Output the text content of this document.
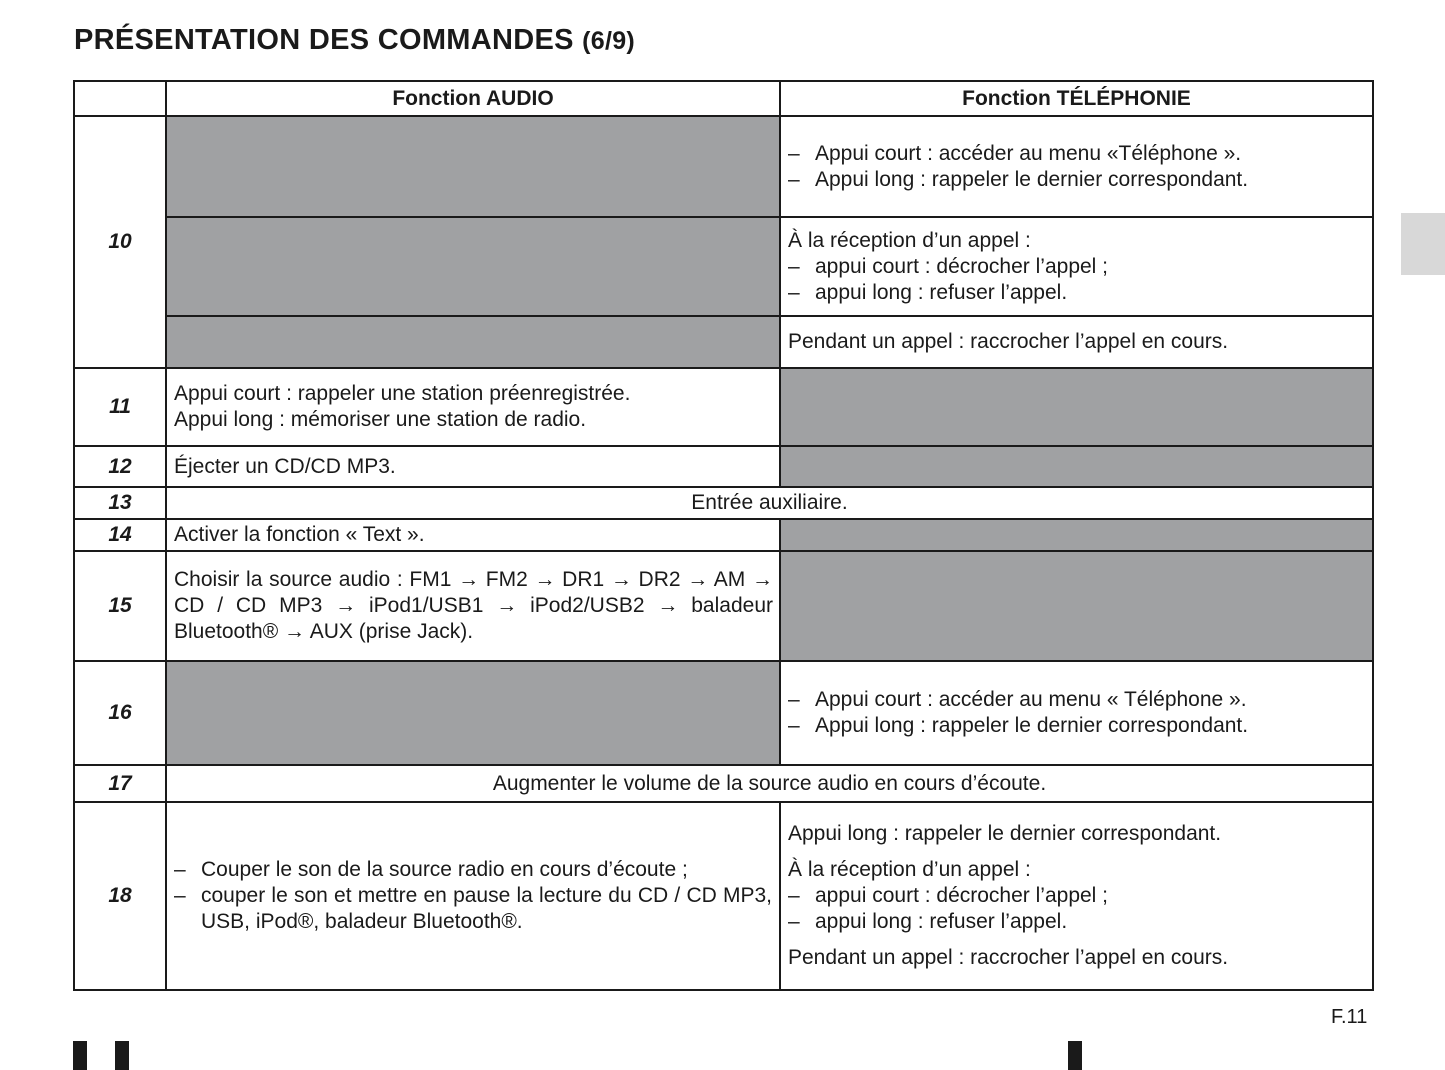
PRÉSENTATION DES COMMANDES (6/9)
	Fonction AUDIO	Fonction TÉLÉPHONIE
10		– Appui court : accéder au menu «Téléphone ».
– Appui long : rappeler le dernier correspondant.

		À la réception d’un appel :
– appui court : décrocher l’appel ;
– appui long : refuser l’appel.

		Pendant un appel : raccrocher l’appel en cours.
11	Appui court : rappeler une station préenregistrée.
Appui long : mémoriser une station de radio.	

12	Éjecter un CD/CD MP3.	
13	Entrée auxiliaire.	
14	Activer la fonction « Text ».	
15	Choisir la source audio : FM1 → FM2 → DR1 → DR2 → AM → CD / CD MP3 → iPod1/USB1 → iPod2/USB2 → baladeur Bluetooth® → AUX (prise Jack).	
16		– Appui court : accéder au menu « Téléphone ».
– Appui long : rappeler le dernier correspondant.

17	Augmenter le volume de la source audio en cours d’écoute.	
18	– Couper le son de la source radio en cours d’écoute ;
– couper le son et mettre en pause la lecture du CD / CD MP3, USB, iPod®, baladeur Bluetooth®.	Appui long : rappeler le dernier correspondant.
À la réception d’un appel :
– appui court : décrocher l’appel ;
– appui long : refuser l’appel.
Pendant un appel : raccrocher l’appel en cours.
F.11
